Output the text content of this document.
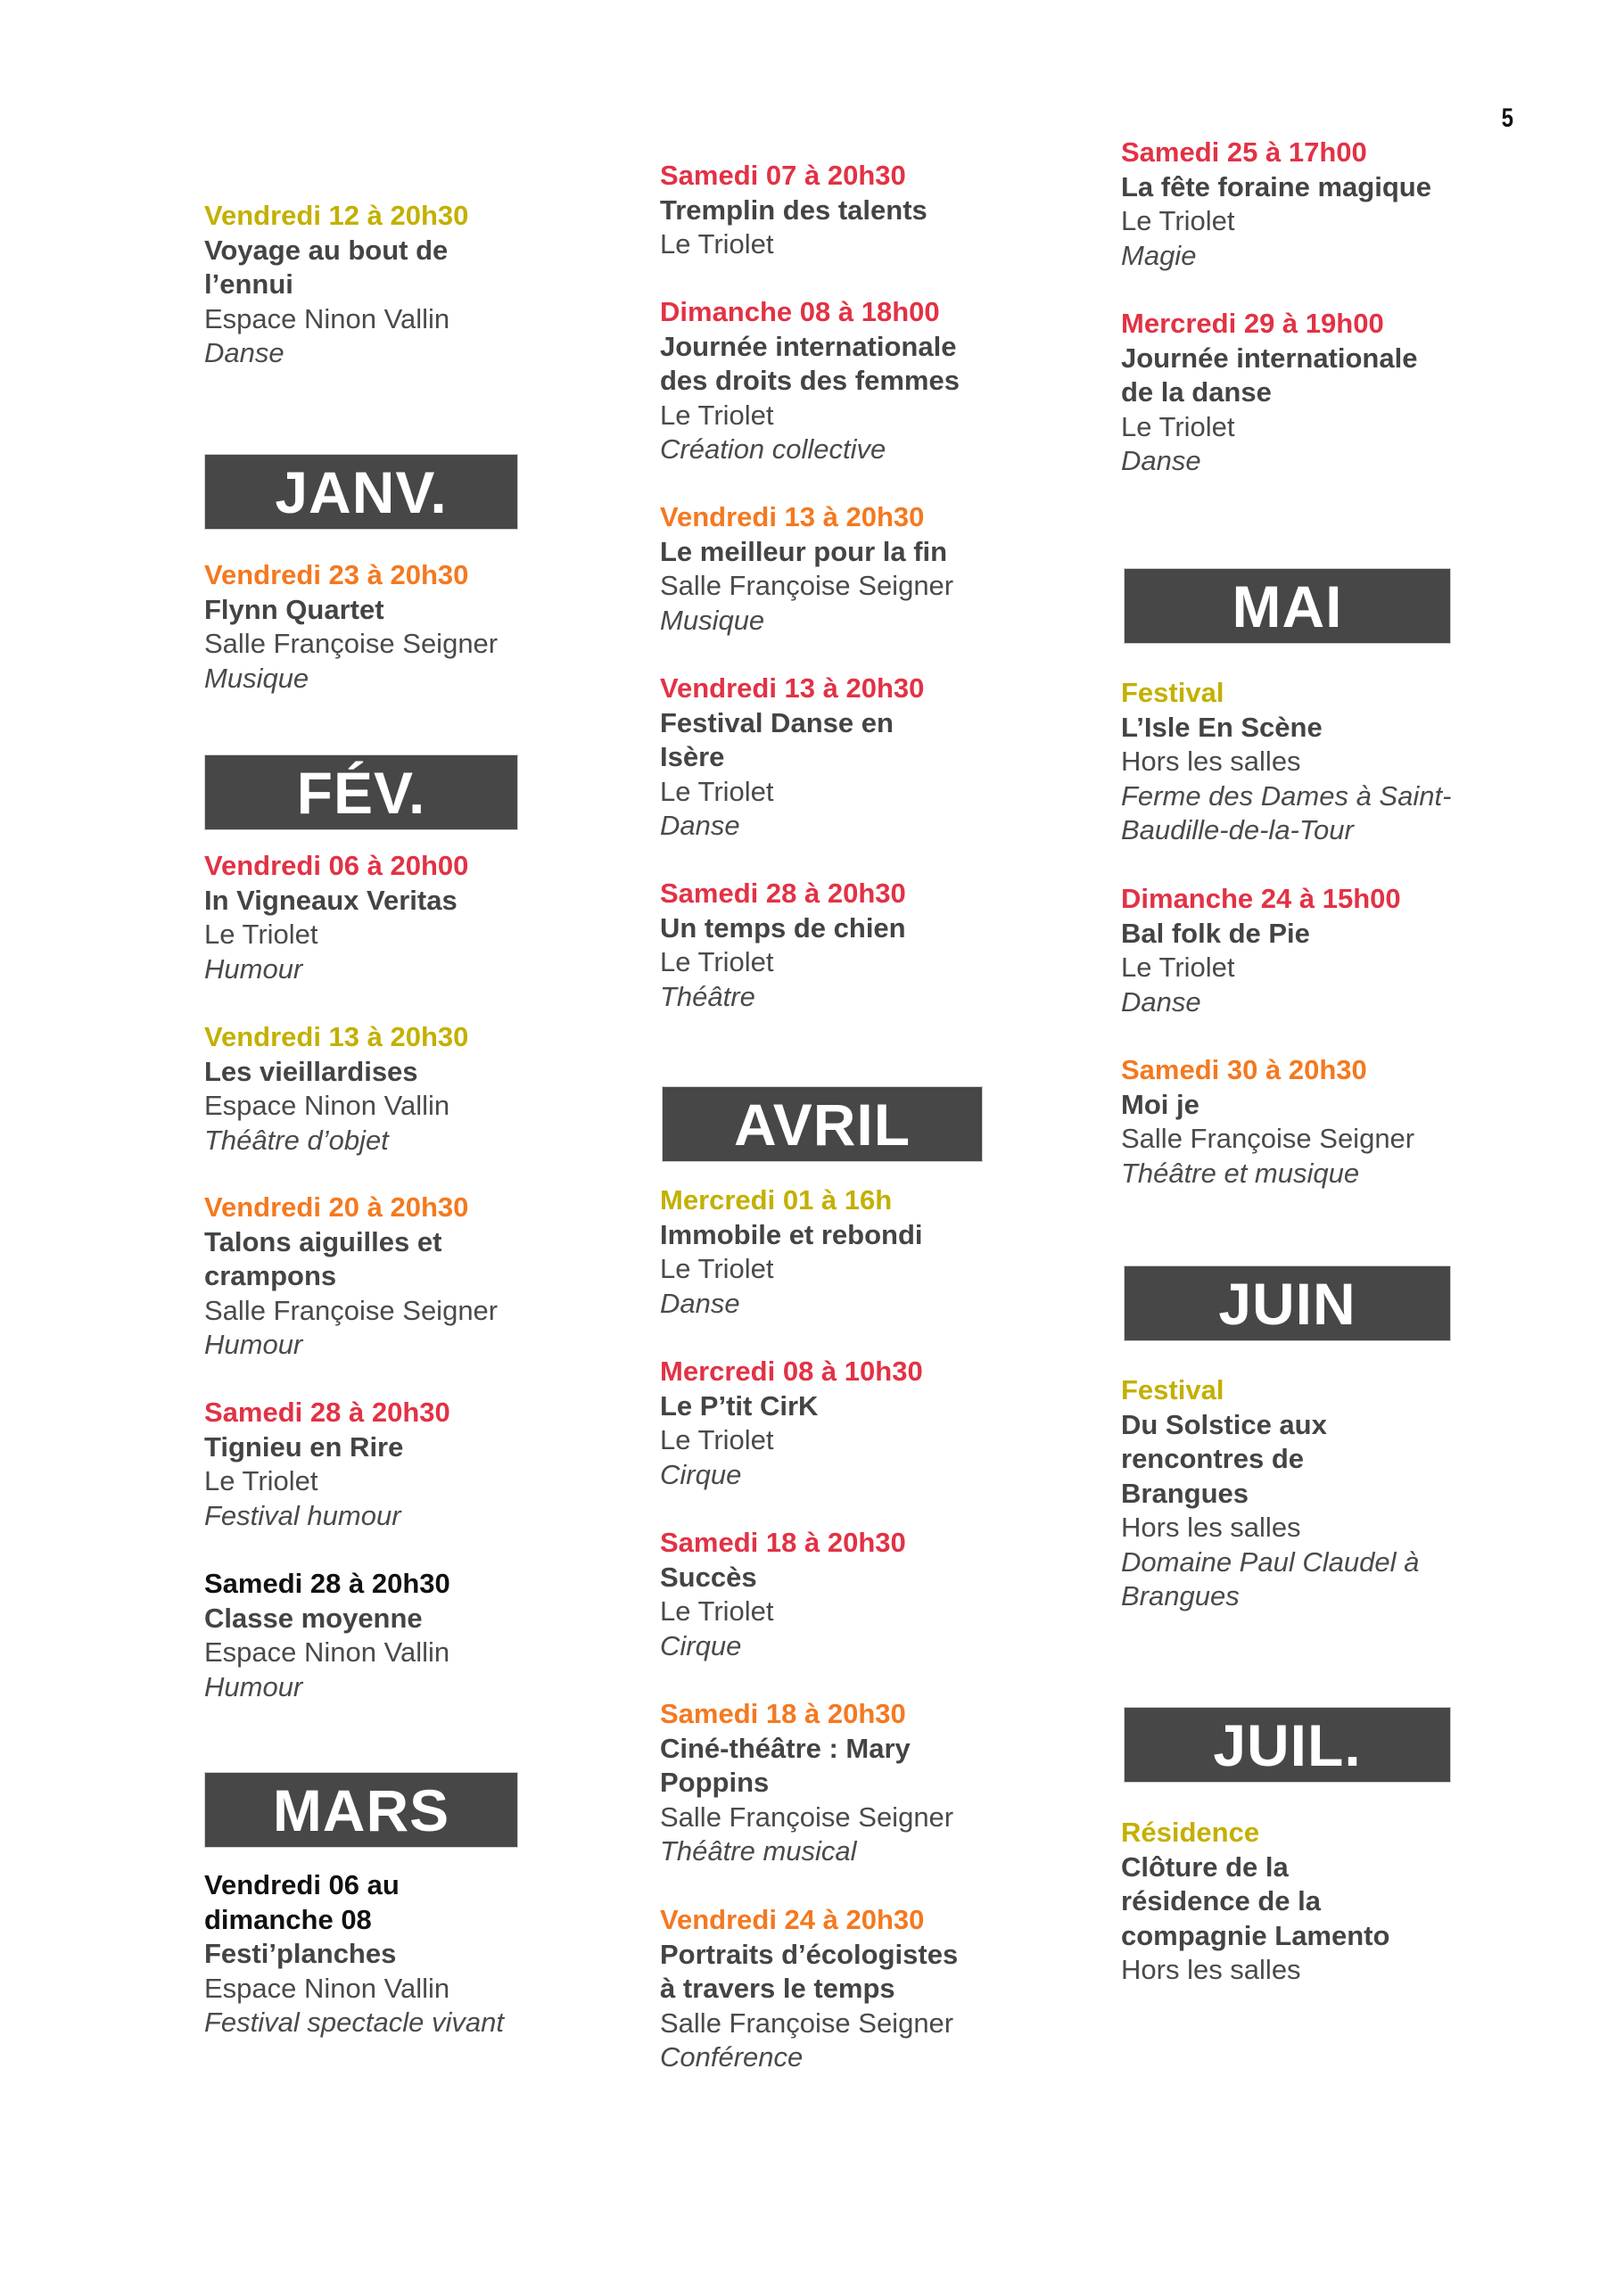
5
Vendredi 12 à 20h30
Voyage au bout de
l’ennui
Espace Ninon Vallin
Danse
JANV.
Vendredi 23 à 20h30
Flynn Quartet
Salle Françoise Seigner
Musique
FÉV.
Vendredi 06 à 20h00
In Vigneaux Veritas
Le Triolet
Humour
Vendredi 13 à 20h30
Les vieillardises
Espace Ninon Vallin
Théâtre d’objet
Vendredi 20 à 20h30
Talons aiguilles et
crampons
Salle Françoise Seigner
Humour
Samedi 28 à 20h30
Tignieu en Rire
Le Triolet
Festival humour
Samedi 28 à 20h30
Classe moyenne
Espace Ninon Vallin
Humour
MARS
Vendredi 06 au
dimanche 08
Festi’planches
Espace Ninon Vallin
Festival spectacle vivant
Samedi 07 à 20h30
Tremplin des talents
Le Triolet
Dimanche 08 à 18h00
Journée internationale
des droits des femmes
Le Triolet
Création collective
Vendredi 13 à 20h30
Le meilleur pour la fin
Salle Françoise Seigner
Musique
Vendredi 13 à 20h30
Festival Danse en
Isère
Le Triolet
Danse
Samedi 28 à 20h30
Un temps de chien
Le Triolet
Théâtre
AVRIL
Mercredi 01 à 16h
Immobile et rebondi
Le Triolet
Danse
Mercredi 08 à 10h30
Le P’tit CirK
Le Triolet
Cirque
Samedi 18 à 20h30
Succès
Le Triolet
Cirque
Samedi 18 à 20h30
Ciné-théâtre : Mary
Poppins
Salle Françoise Seigner
Théâtre musical
Vendredi 24 à 20h30
Portraits d’écologistes
à travers le temps
Salle Françoise Seigner
Conférence
Samedi 25 à 17h00
La fête foraine magique
Le Triolet
Magie
Mercredi 29 à 19h00
Journée internationale
de la danse
Le Triolet
Danse
MAI
Festival
L’Isle En Scène
Hors les salles
Ferme des Dames à Saint-
Baudille-de-la-Tour
Dimanche 24 à 15h00
Bal folk de Pie
Le Triolet
Danse
Samedi 30 à 20h30
Moi je
Salle Françoise Seigner
Théâtre et musique
JUIN
Festival
Du Solstice aux
rencontres de
Brangues
Hors les salles
Domaine Paul Claudel à
Brangues
JUIL.
Résidence
Clôture de la
résidence de la
compagnie Lamento
Hors les salles
